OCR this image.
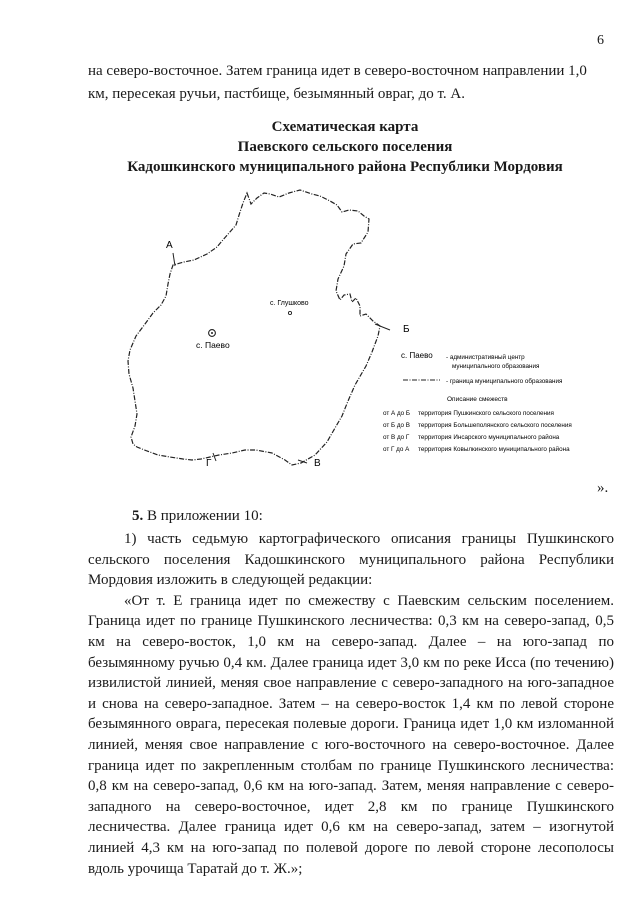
6
на северо-восточное. Затем граница идет в северо-восточном направлении 1,0 км, пересекая ручьи, пастбище, безымянный овраг, до т. А.
Схематическая карта
Паевского сельского поселения
Кадошкинского муниципального района Республики Мордовия
А
Б
В
Г
с. Паево
с. Глушково
с. Паево - административный центр
муниципального образования
- граница муниципального образования
Описание смежеств
от А до Б территория Пушкинского сельского поселения
от Б до В территория Большеполянского сельского поселения
от В до Г территория Инсарского муниципального района
от Г до А территория Ковылкинского муниципального района
».
5. В приложении 10:

1) часть седьмую картографического описания границы Пушкинского сельского поселения Кадошкинского муниципального района Республики Мордовия изложить в следующей редакции:

«От т. Е граница идет по смежеству с Паевским сельским поселением. Граница идет по границе Пушкинского лесничества: 0,3 км на северо-запад, 0,5 км на северо-восток, 1,0 км на северо-запад. Далее – на юго-запад по безымянному ручью 0,4 км. Далее граница идет 3,0 км по реке Исса (по течению) извилистой линией, меняя свое направление с северо-западного на юго-западное и снова на северо-западное. Затем – на северо-восток 1,4 км по левой стороне безымянного оврага, пересекая полевые дороги. Граница идет 1,0 км изломанной линией, меняя свое направление с юго-восточного на северо-восточное. Далее граница идет по закрепленным столбам по границе Пушкинского лесничества: 0,8 км на северо-запад, 0,6 км на юго-запад. Затем, меняя направление с северо-западного на северо-восточное, идет 2,8 км по границе Пушкинского лесничества. Далее граница идет 0,6 км на северо-запад, затем – изогнутой линией 4,3 км на юго-запад по полевой дороге по левой стороне лесополосы вдоль урочища Таратай до т. Ж.»;
